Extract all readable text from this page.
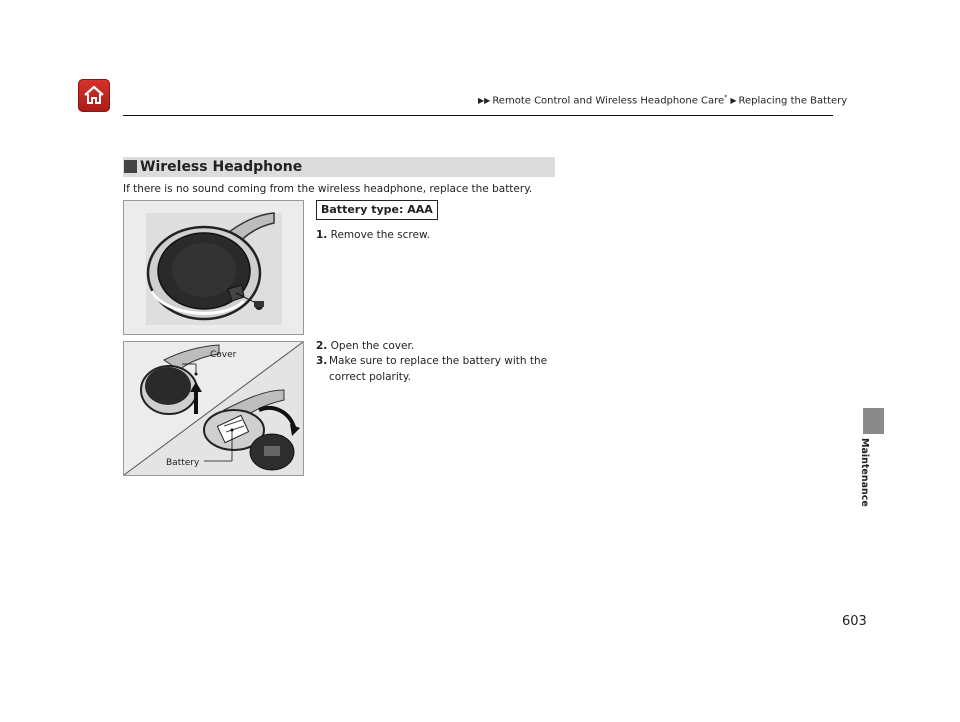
▶▶ Remote Control and Wireless Headphone Care* ▶ Replacing the Battery
Wireless Headphone
If there is no sound coming from the wireless headphone, replace the battery.
Cover
Battery
Battery type: AAA
1. Remove the screw.
2. Open the cover.
3. Make sure to replace the battery with the correct polarity.
Maintenance
603
